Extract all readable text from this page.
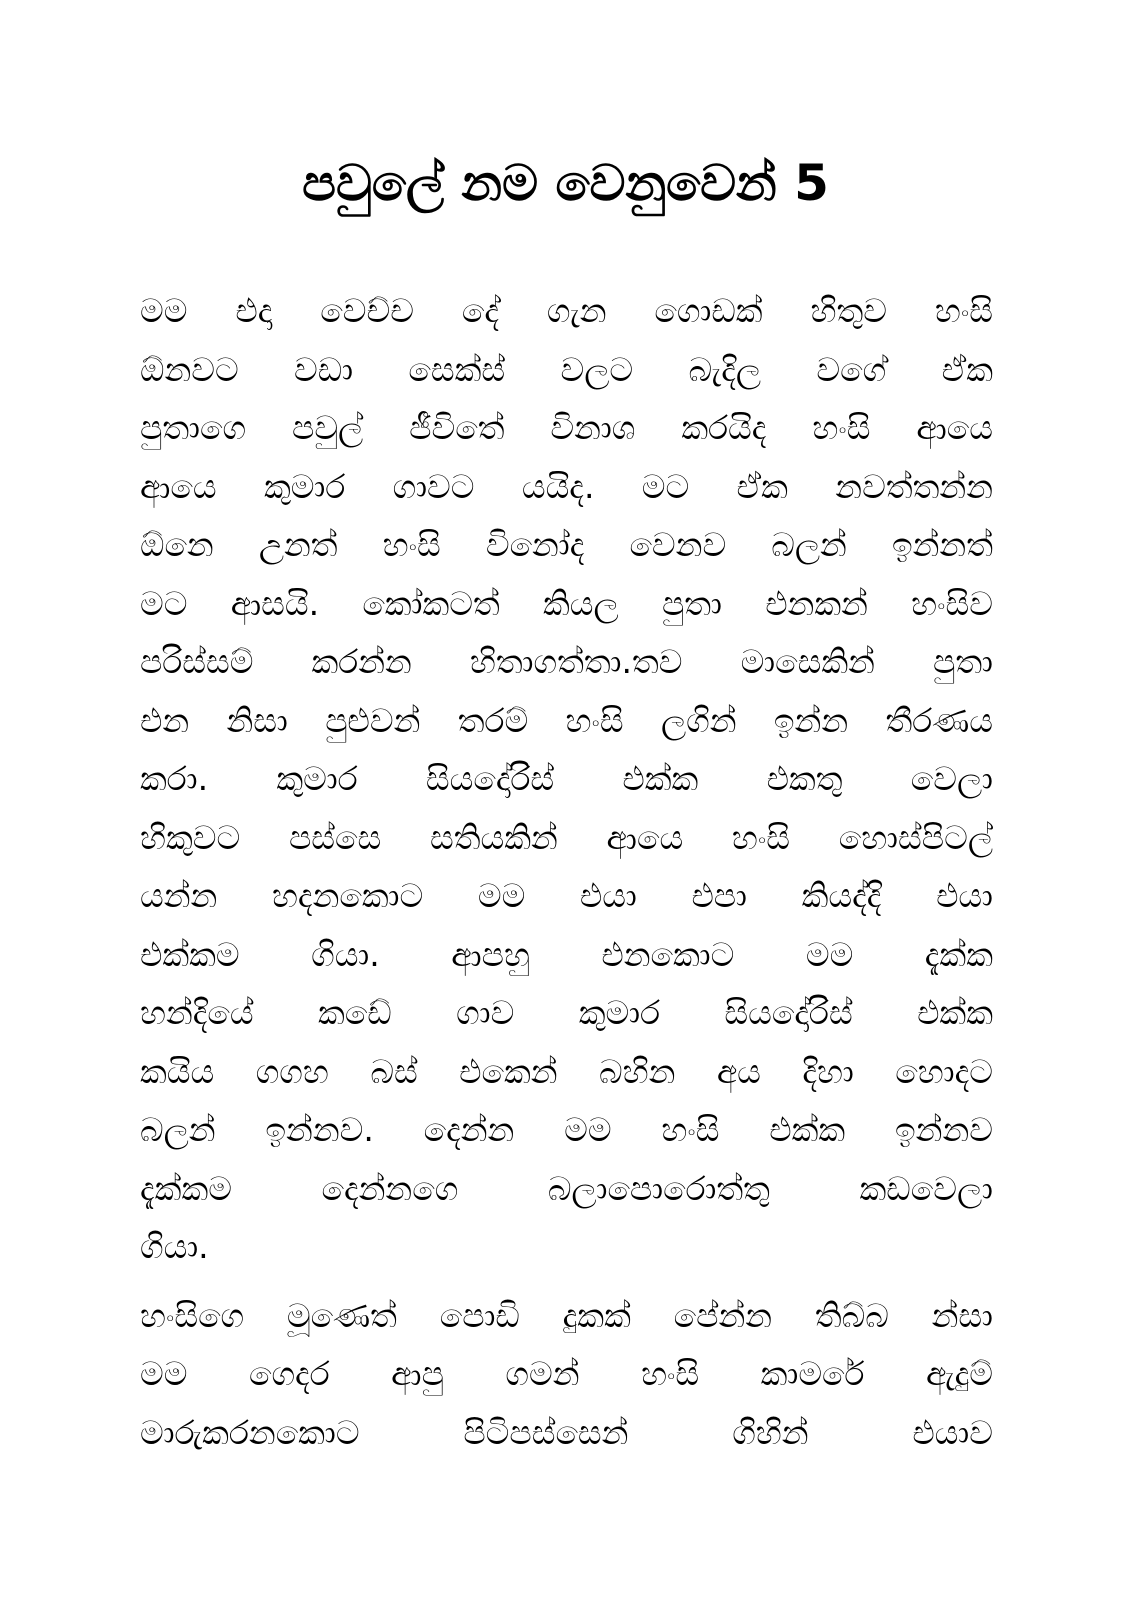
පවුලේ නම වෙනුවෙන් 5
මම එදා වෙච්ච දේ ගැන ගොඩක් හිතුව හංසි
ඕනවට වඩා සෙක්ස් වලට බැදිල වගේ ඒක
පුතාගෙ පවුල් ජීවිතේ විනාශ කරයිද හංසි ආයෙ
ආයෙ කුමාර ගාවට යයිද. මට ඒක නවත්තන්න
ඕනෙ උනත් හංසි විනෝද වෙනව බලන් ඉන්නත්
මට ආසයි. කෝකටත් කියල පුතා එනකන් හංසිව
පරිස්සම් කරන්න හිතාගත්තා.තව මාසෙකින් පුතා
එන නිසා පුළුවන් තරම් හංසි ලගින් ඉන්න තීරණය
කරා. කුමාර සියදෝරිස් එක්ක එකතු වෙලා
හිකුවට පස්සෙ සතියකින් ආයෙ හංසි හොස්පිටල්
යන්න හදනකොට මම එයා එපා කියද්දි එයා
එක්කම ගියා. ආපහු එනකොට මම දැක්ක
හන්දියේ කඩේ ගාව කුමාර සියදෝරිස් එක්ක
කයිය ගගහ බස් එකෙන් බහින අය දිහා හොදට
බලන් ඉන්නව. දෙන්න මම හංසි එක්ක ඉන්නව
දැක්කම දෙන්නගෙ බලාපොරොත්තු කඩවෙලා
ගියා.
හංසිගෙ මූණෙත් පොඩි දුකක් පේන්න තිබ්බ න්සා
මම ගෙදර ආපු ගමන් හංසි කාමරේ ඇදුම්
මාරුකරනකොට පිටිපස්සෙන් ගිහින් එයාව
